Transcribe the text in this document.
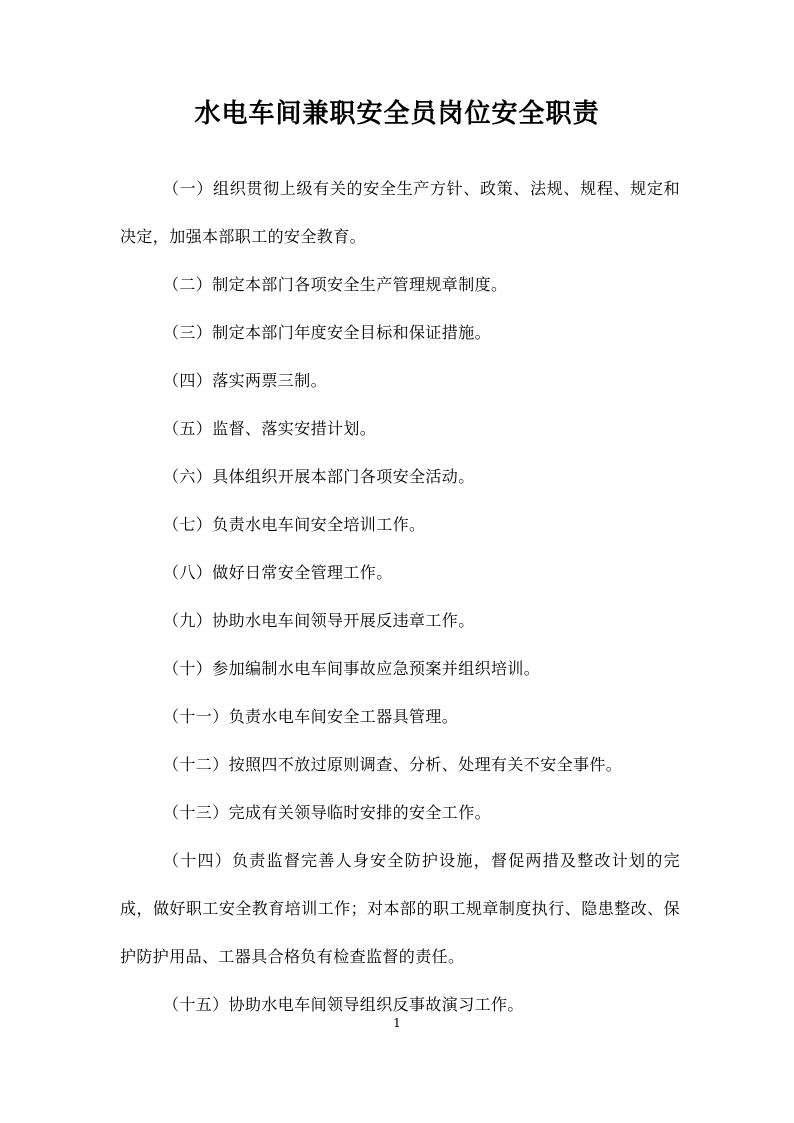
水电车间兼职安全员岗位安全职责
（一）组织贯彻上级有关的安全生产方针、政策、法规、规程、规定和决定，加强本部职工的安全教育。
（二）制定本部门各项安全生产管理规章制度。
（三）制定本部门年度安全目标和保证措施。
（四）落实两票三制。
（五）监督、落实安措计划。
（六）具体组织开展本部门各项安全活动。
（七）负责水电车间安全培训工作。
（八）做好日常安全管理工作。
（九）协助水电车间领导开展反违章工作。
（十）参加编制水电车间事故应急预案并组织培训。
（十一）负责水电车间安全工器具管理。
（十二）按照四不放过原则调查、分析、处理有关不安全事件。
（十三）完成有关领导临时安排的安全工作。
（十四）负责监督完善人身安全防护设施，督促两措及整改计划的完成，做好职工安全教育培训工作；对本部的职工规章制度执行、隐患整改、保护防护用品、工器具合格负有检查监督的责任。
（十五）协助水电车间领导组织反事故演习工作。
1
